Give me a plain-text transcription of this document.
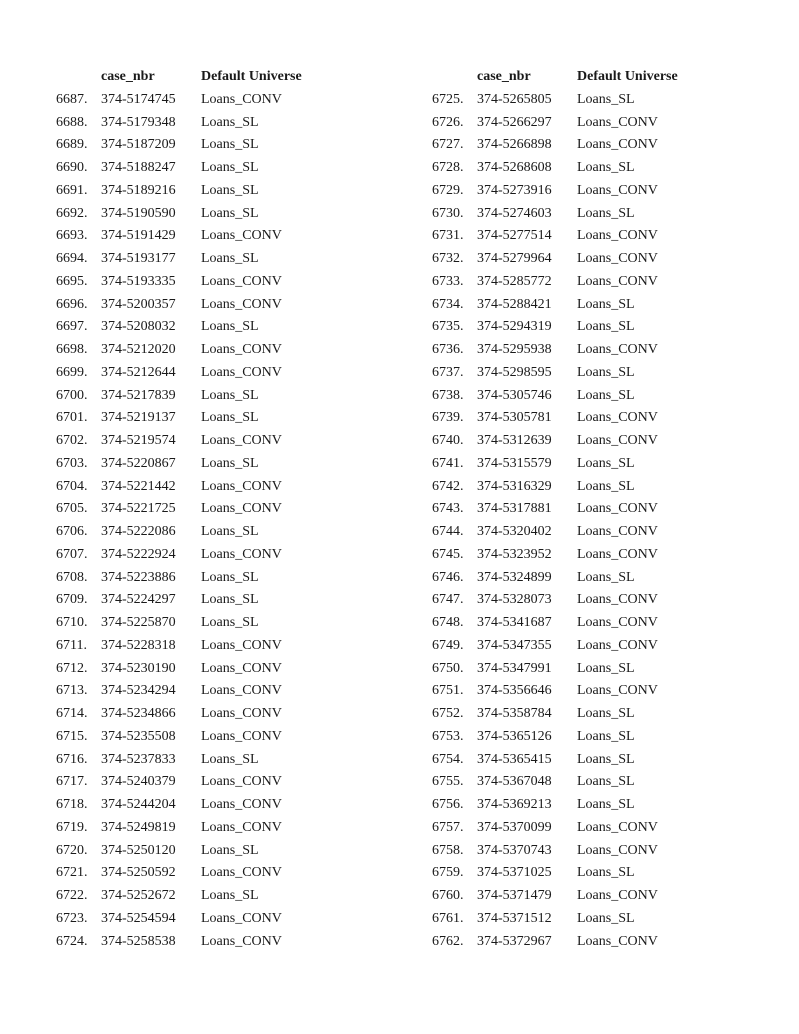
	case_nbr	Default Universe
6687.	374-5174745	Loans_CONV
6688.	374-5179348	Loans_SL
6689.	374-5187209	Loans_SL
6690.	374-5188247	Loans_SL
6691.	374-5189216	Loans_SL
6692.	374-5190590	Loans_SL
6693.	374-5191429	Loans_CONV
6694.	374-5193177	Loans_SL
6695.	374-5193335	Loans_CONV
6696.	374-5200357	Loans_CONV
6697.	374-5208032	Loans_SL
6698.	374-5212020	Loans_CONV
6699.	374-5212644	Loans_CONV
6700.	374-5217839	Loans_SL
6701.	374-5219137	Loans_SL
6702.	374-5219574	Loans_CONV
6703.	374-5220867	Loans_SL
6704.	374-5221442	Loans_CONV
6705.	374-5221725	Loans_CONV
6706.	374-5222086	Loans_SL
6707.	374-5222924	Loans_CONV
6708.	374-5223886	Loans_SL
6709.	374-5224297	Loans_SL
6710.	374-5225870	Loans_SL
6711.	374-5228318	Loans_CONV
6712.	374-5230190	Loans_CONV
6713.	374-5234294	Loans_CONV
6714.	374-5234866	Loans_CONV
6715.	374-5235508	Loans_CONV
6716.	374-5237833	Loans_SL
6717.	374-5240379	Loans_CONV
6718.	374-5244204	Loans_CONV
6719.	374-5249819	Loans_CONV
6720.	374-5250120	Loans_SL
6721.	374-5250592	Loans_CONV
6722.	374-5252672	Loans_SL
6723.	374-5254594	Loans_CONV
6724.	374-5258538	Loans_CONV
	case_nbr	Default Universe
6725.	374-5265805	Loans_SL
6726.	374-5266297	Loans_CONV
6727.	374-5266898	Loans_CONV
6728.	374-5268608	Loans_SL
6729.	374-5273916	Loans_CONV
6730.	374-5274603	Loans_SL
6731.	374-5277514	Loans_CONV
6732.	374-5279964	Loans_CONV
6733.	374-5285772	Loans_CONV
6734.	374-5288421	Loans_SL
6735.	374-5294319	Loans_SL
6736.	374-5295938	Loans_CONV
6737.	374-5298595	Loans_SL
6738.	374-5305746	Loans_SL
6739.	374-5305781	Loans_CONV
6740.	374-5312639	Loans_CONV
6741.	374-5315579	Loans_SL
6742.	374-5316329	Loans_SL
6743.	374-5317881	Loans_CONV
6744.	374-5320402	Loans_CONV
6745.	374-5323952	Loans_CONV
6746.	374-5324899	Loans_SL
6747.	374-5328073	Loans_CONV
6748.	374-5341687	Loans_CONV
6749.	374-5347355	Loans_CONV
6750.	374-5347991	Loans_SL
6751.	374-5356646	Loans_CONV
6752.	374-5358784	Loans_SL
6753.	374-5365126	Loans_SL
6754.	374-5365415	Loans_SL
6755.	374-5367048	Loans_SL
6756.	374-5369213	Loans_SL
6757.	374-5370099	Loans_CONV
6758.	374-5370743	Loans_CONV
6759.	374-5371025	Loans_SL
6760.	374-5371479	Loans_CONV
6761.	374-5371512	Loans_SL
6762.	374-5372967	Loans_CONV
